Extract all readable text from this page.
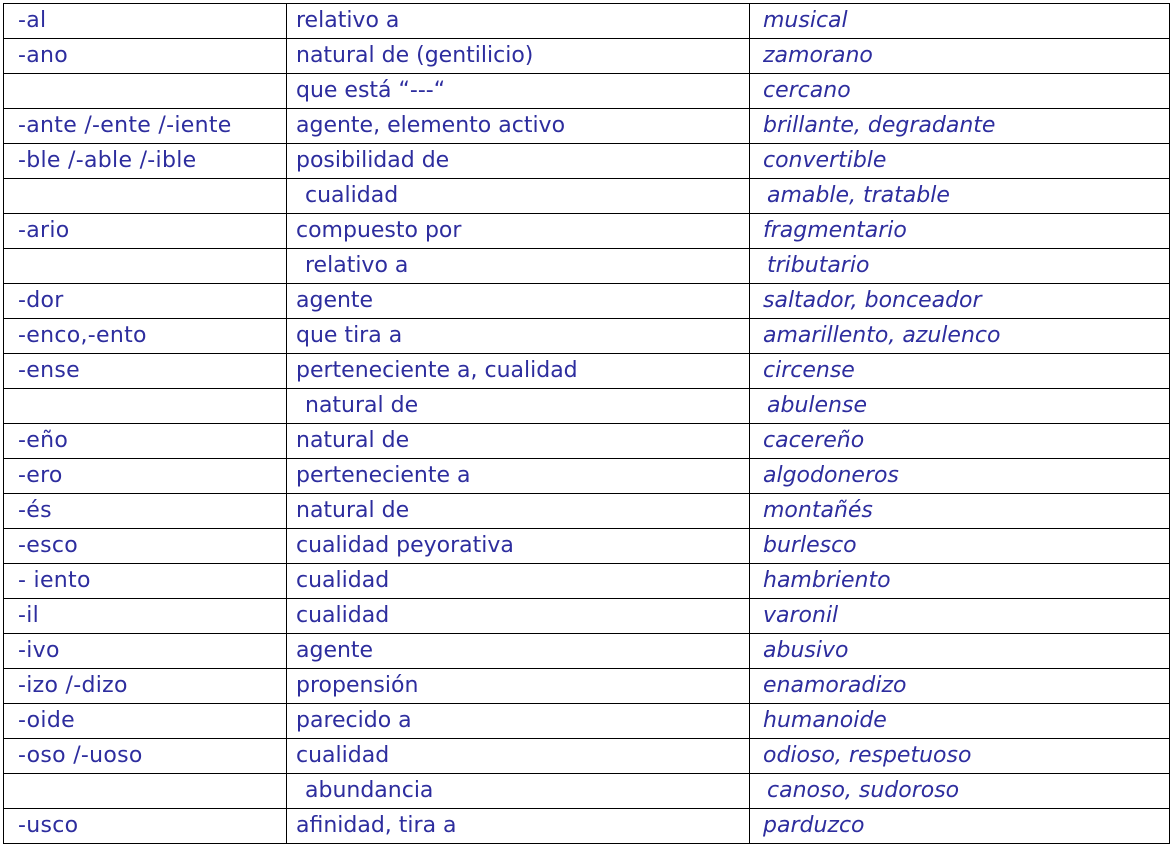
-al	relativo a	musical

-ano	natural de (gentilicio)	zamorano

	que está “---“	cercano

-ante /-ente /-iente	agente, elemento activo	brillante, degradante

-ble /-able /-ible	posibilidad de	convertible

	cualidad	amable, tratable

-ario	compuesto por	fragmentario

	relativo a	tributario

-dor	agente	saltador, bonceador

-enco,-ento	que tira a	amarillento, azulenco

-ense	perteneciente a, cualidad	circense

	natural de	abulense

-eño	natural de	cacereño

-ero	perteneciente a	algodoneros

-és	natural de	montañés

-esco	cualidad peyorativa	burlesco

- iento	cualidad	hambriento

-il	cualidad	varonil

-ivo	agente	abusivo

-izo /-dizo	propensión	enamoradizo

-oide	parecido a	humanoide

-oso /-uoso	cualidad	odioso, respetuoso

	abundancia	canoso, sudoroso

-usco	afinidad, tira a	parduzco
